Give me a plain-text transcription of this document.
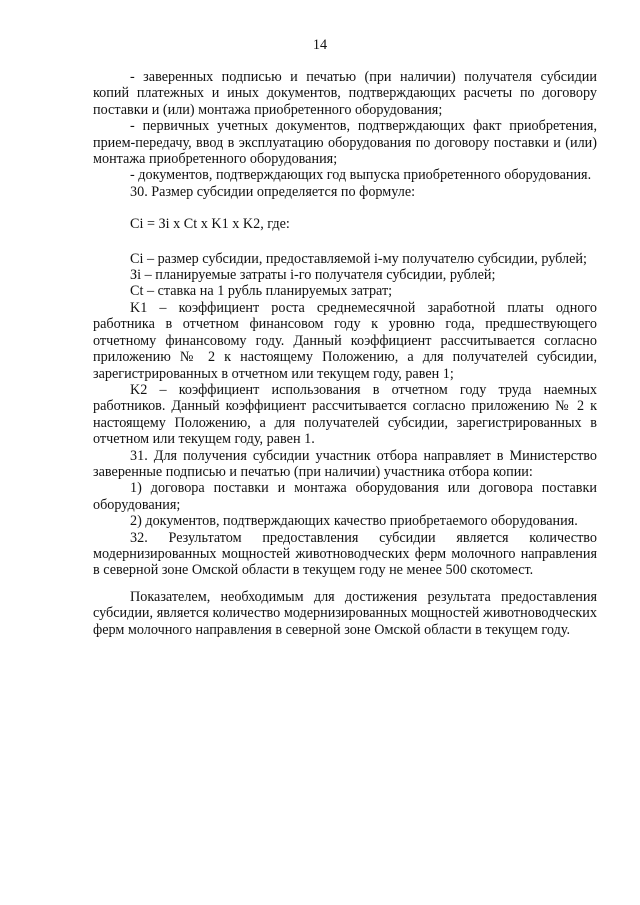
14

- заверенных подписью и печатью (при наличии) получателя субсидии копий платежных и иных документов, подтверждающих расчеты по договору поставки и (или) монтажа приобретенного оборудования;

- первичных учетных документов, подтверждающих факт приобретения, прием-передачу, ввод в эксплуатацию оборудования по договору поставки и (или) монтажа приобретенного оборудования;

- документов, подтверждающих год выпуска приобретенного оборудования.

30. Размер субсидии определяется по формуле:

Ci = Зi x Ct x K1 x K2, где:

Ci – размер субсидии, предоставляемой i-му получателю субсидии, рублей;

Зi – планируемые затраты i-го получателя субсидии, рублей;

Ct – ставка на 1 рубль планируемых затрат;

K1 – коэффициент роста среднемесячной заработной платы одного работника в отчетном финансовом году к уровню года, предшествующего отчетному финансовому году. Данный коэффициент рассчитывается согласно приложению № 2 к настоящему Положению, а для получателей субсидии, зарегистрированных в отчетном или текущем году, равен 1;

K2 – коэффициент использования в отчетном году труда наемных работников. Данный коэффициент рассчитывается согласно приложению № 2 к настоящему Положению, а для получателей субсидии, зарегистрированных в отчетном или текущем году, равен 1.

31. Для получения субсидии участник отбора направляет в Министерство заверенные подписью и печатью (при наличии) участника отбора копии:

1) договора поставки и монтажа оборудования или договора поставки оборудования;

2) документов, подтверждающих качество приобретаемого оборудования.

32. Результатом предоставления субсидии является количество модернизированных мощностей животноводческих ферм молочного направления в северной зоне Омской области в текущем году не менее 500 скотомест.

Показателем, необходимым для достижения результата предоставления субсидии, является количество модернизированных мощностей животноводческих ферм молочного направления в северной зоне Омской области в текущем году.
